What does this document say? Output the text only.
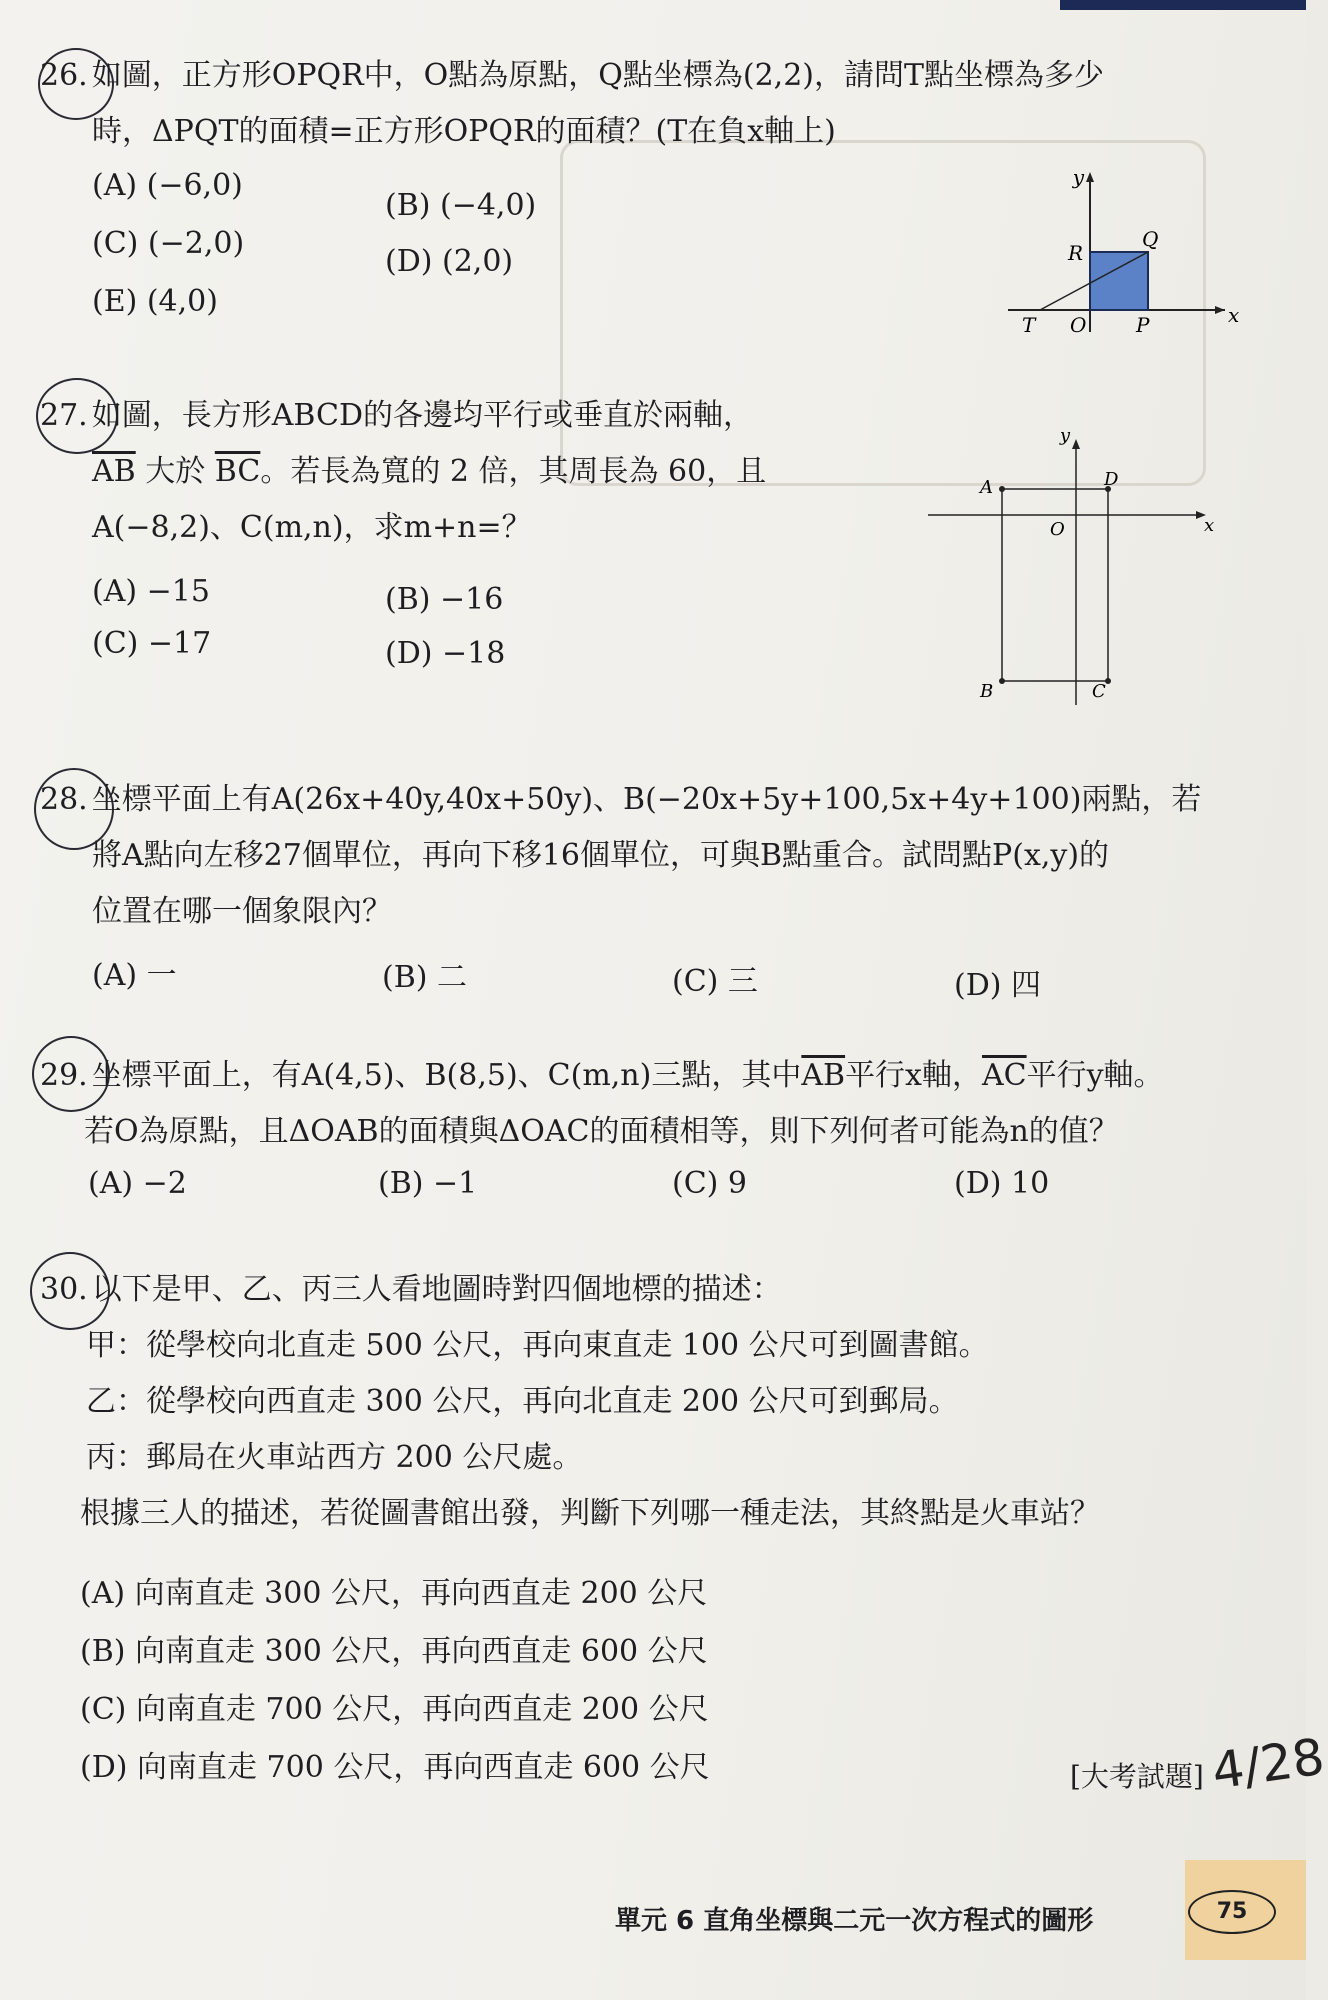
26. 如圖，正方形OPQR中，O點為原點，Q點坐標為(2,2)，請問T點坐標為多少
時，ΔPQT的面積=正方形OPQR的面積？(T在負x軸上)
(A) (−6,0)
(B) (−4,0)
(C) (−2,0)
(D) (2,0)
(E) (4,0)
y
x
R
Q
T O P
27. 如圖，長方形ABCD的各邊均平行或垂直於兩軸，
$\overline{AB}$ 大於 $\overline{BC}$。若長為寬的 2 倍，其周長為 60，且
A(−8,2)、C(m,n)，求m+n=？
(A) −15	(B) −16
(C) −17	(D) −18
y
x
A	D
O
B	C
28. 坐標平面上有A(26x+40y,40x+50y)、B(−20x+5y+100,5x+4y+100)兩點，若
將A點向左移27個單位，再向下移16個單位，可與B點重合。試問點P(x,y)的
位置在哪一個象限內？
(A) 一	(B) 二	(C) 三	(D) 四
29. 坐標平面上，有A(4,5)、B(8,5)、C(m,n)三點，其中$\overline{AB}$平行x軸，$\overline{AC}$平行y軸。
若O為原點，且ΔOAB的面積與ΔOAC的面積相等，則下列何者可能為n的值？
(A) −2	(B) −1	(C) 9	(D) 10
30. 以下是甲、乙、丙三人看地圖時對四個地標的描述：
甲：從學校向北直走 500 公尺，再向東直走 100 公尺可到圖書館。
乙：從學校向西直走 300 公尺，再向北直走 200 公尺可到郵局。
丙：郵局在火車站西方 200 公尺處。
根據三人的描述，若從圖書館出發，判斷下列哪一種走法，其終點是火車站？
(A) 向南直走 300 公尺，再向西直走 200 公尺
(B) 向南直走 300 公尺，再向西直走 600 公尺
(C) 向南直走 700 公尺，再向西直走 200 公尺
(D) 向南直走 700 公尺，再向西直走 600 公尺	[大考試題] 4/28
單元 6 直角坐標與二元一次方程式的圖形	75
